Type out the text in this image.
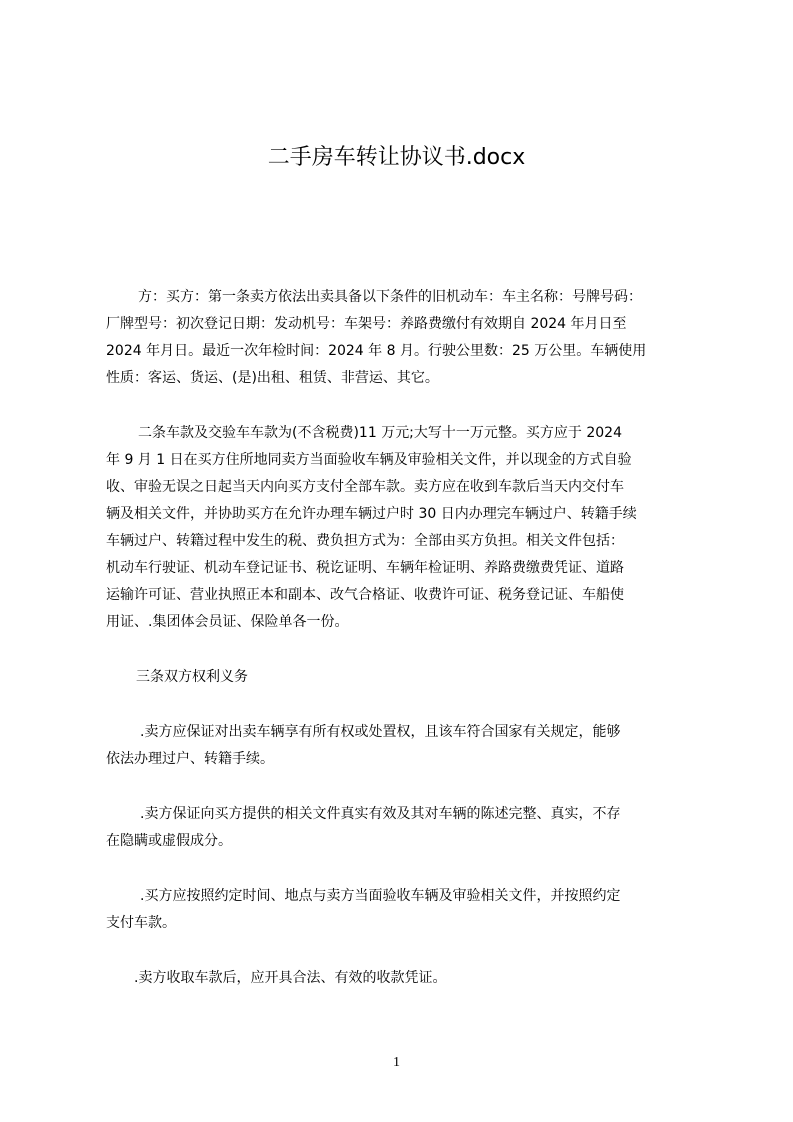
二手房车转让协议书.docx
方：买方：第一条卖方依法出卖具备以下条件的旧机动车：车主名称：号牌号码：
厂牌型号：初次登记日期：发动机号：车架号：养路费缴付有效期自 2024 年月日至
2024 年月日。最近一次年检时间：2024 年 8 月。行驶公里数：25 万公里。车辆使用
性质：客运、货运、(是)出租、租赁、非营运、其它。
二条车款及交验车车款为(不含税费)11 万元;大写十一万元整。买方应于 2024
年 9 月 1 日在买方住所地同卖方当面验收车辆及审验相关文件，并以现金的方式自验
收、审验无误之日起当天内向买方支付全部车款。卖方应在收到车款后当天内交付车
辆及相关文件，并协助买方在允许办理车辆过户时 30 日内办理完车辆过户、转籍手续
车辆过户、转籍过程中发生的税、费负担方式为：全部由买方负担。相关文件包括：
机动车行驶证、机动车登记证书、税讫证明、车辆年检证明、养路费缴费凭证、道路
运输许可证、营业执照正本和副本、改气合格证、收费许可证、税务登记证、车船使
用证、.集团体会员证、保险单各一份。
三条双方权利义务
.卖方应保证对出卖车辆享有所有权或处置权，且该车符合国家有关规定，能够
依法办理过户、转籍手续。
.卖方保证向买方提供的相关文件真实有效及其对车辆的陈述完整、真实，不存
在隐瞒或虚假成分。
.买方应按照约定时间、地点与卖方当面验收车辆及审验相关文件，并按照约定
支付车款。
.卖方收取车款后，应开具合法、有效的收款凭证。
1
